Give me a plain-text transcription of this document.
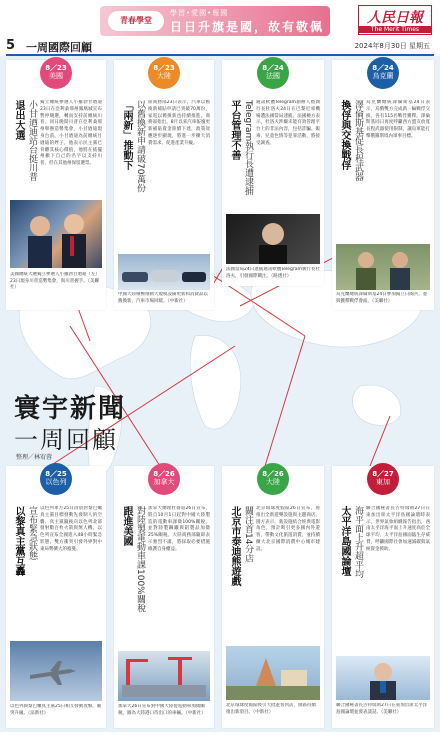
青春學堂
學習•愛國•報國
日日升旗是國，故有敬佩傳承
人民日報
The Merit Times
5 一周國際回顧	2024年8月30日 星期五
寰宇新聞
一周回顧
整理／林宥蓉
8／23
美國
退出大選 小甘迺迪站台挺川普 獨立總統參選人小羅勃甘迺迪23日在亞利桑那州鳳凰城宣布暫停競選，轉而支持前總統川普。同日晚間川普在亞利桑那州舉辦造勢集會，小甘迺迪現身台前。小甘迺迪為前總統甘迺迪的姪子，他表示民主黨已背離其核心價值，他將在搖擺州撤下自己的名字以支持川普，但在其他州保留選票。
美國總統大選獨立參選人小羅勃甘迺迪（左）23日現身川普造勢集會，與川普握手。（美聯社）
8／23
大陸
「兩新」推動下 以舊換新申請破70萬份 陸商務部23日表示，汽車以舊換新補貼申請已突破70萬份，家電以舊換新也持續推進。商務部指出，8月以來汽車報廢更新補貼資金陸續下達，政策效應逐步顯現，將進一步擴大消費需求、促進產業升級。
中國大陸積極推動大規模設備更新和消費品以舊換新，汽車市場回暖。（中新社）
8／24
法國
平台管理不善 Telegram執行長遭逮捕 通訊軟體Telegram創辦人暨執行長杜洛夫24日在巴黎近郊機場遭法國當局逮捕。法國檢方表示，杜洛夫涉嫌未能有效管理平台上的非法內容，包括詐騙、販毒、兒童色情等犯罪活動，將接受調查。
法國當局24日逮捕通訊軟體Telegram執行長杜洛夫，引發國際關注。（路透社）
8／24
烏克蘭
換俘與交換戰俘 澤倫斯基促長程武器 烏克蘭總統澤倫斯基24日表示，烏俄雙方完成新一輪戰俘交換，各有115名戰俘獲釋。澤倫斯基同日再度呼籲西方盟友放寬長程武器使用限制，讓烏軍能打擊俄羅斯境內軍事目標。
烏克蘭總統澤倫斯基24日參加獨立日閱兵，並與獲釋戰俘會面。（美聯社）
8／25
以色列
以黎真主黨互轟 宣布緊急狀態 以色列軍方25日清晨對黎巴嫩真主黨目標發動先發制人的空襲，真主黨隨後向以色列北部發射數百枚火箭與無人機。以色列宣布全國進入48小時緊急狀態，雙方衝突引發外界對中東局勢擴大的擔憂。
以色列與黎巴嫩真主黨25日相互發動攻擊，衝突升級。（法新社）
8／26
加拿大
跟進美國 對陸製電動車課100%關稅 加拿大總理杜魯道26日宣布，將自10月1日起對中國大陸製造的電動車課徵100%關稅，並對陸製鋼鐵與鋁製品加徵25%關稅。大陸商務部隨即表示強烈不滿，將採取必要措施維護自身權益。
加拿大26日宣布對中國大陸製電動車加徵關稅，圖為大陸港口待出口的車輛。（中新社）
8／26
大陸
北京市泰迪熊遊戲 關注首14分店 北京環球度假區26日宣布，將推出全新遊樂設施與主題商店。園方表示，新設施結合經典電影角色，預計吸引更多國內外遊客，帶動文化旅遊消費，並持續擴大北京國際消費中心城市建設。
北京環球度假區吸引大批遊客到訪，園區持續推出新項目。（中新社）
8／27
東加
太平洋島國論壇 海平面上升超平均 聯合國秘書長古特瑞斯27日在東加出席太平洋島國論壇時表示，世界氣象組織報告指出，西南太平洋海平面上升速度高於全球平均，太平洋島國面臨生存威脅，呼籲國際社會加速減碳與氣候資金援助。
聯合國秘書長古特瑞斯27日在東加出席太平洋島國論壇並發表談話。（美聯社）
